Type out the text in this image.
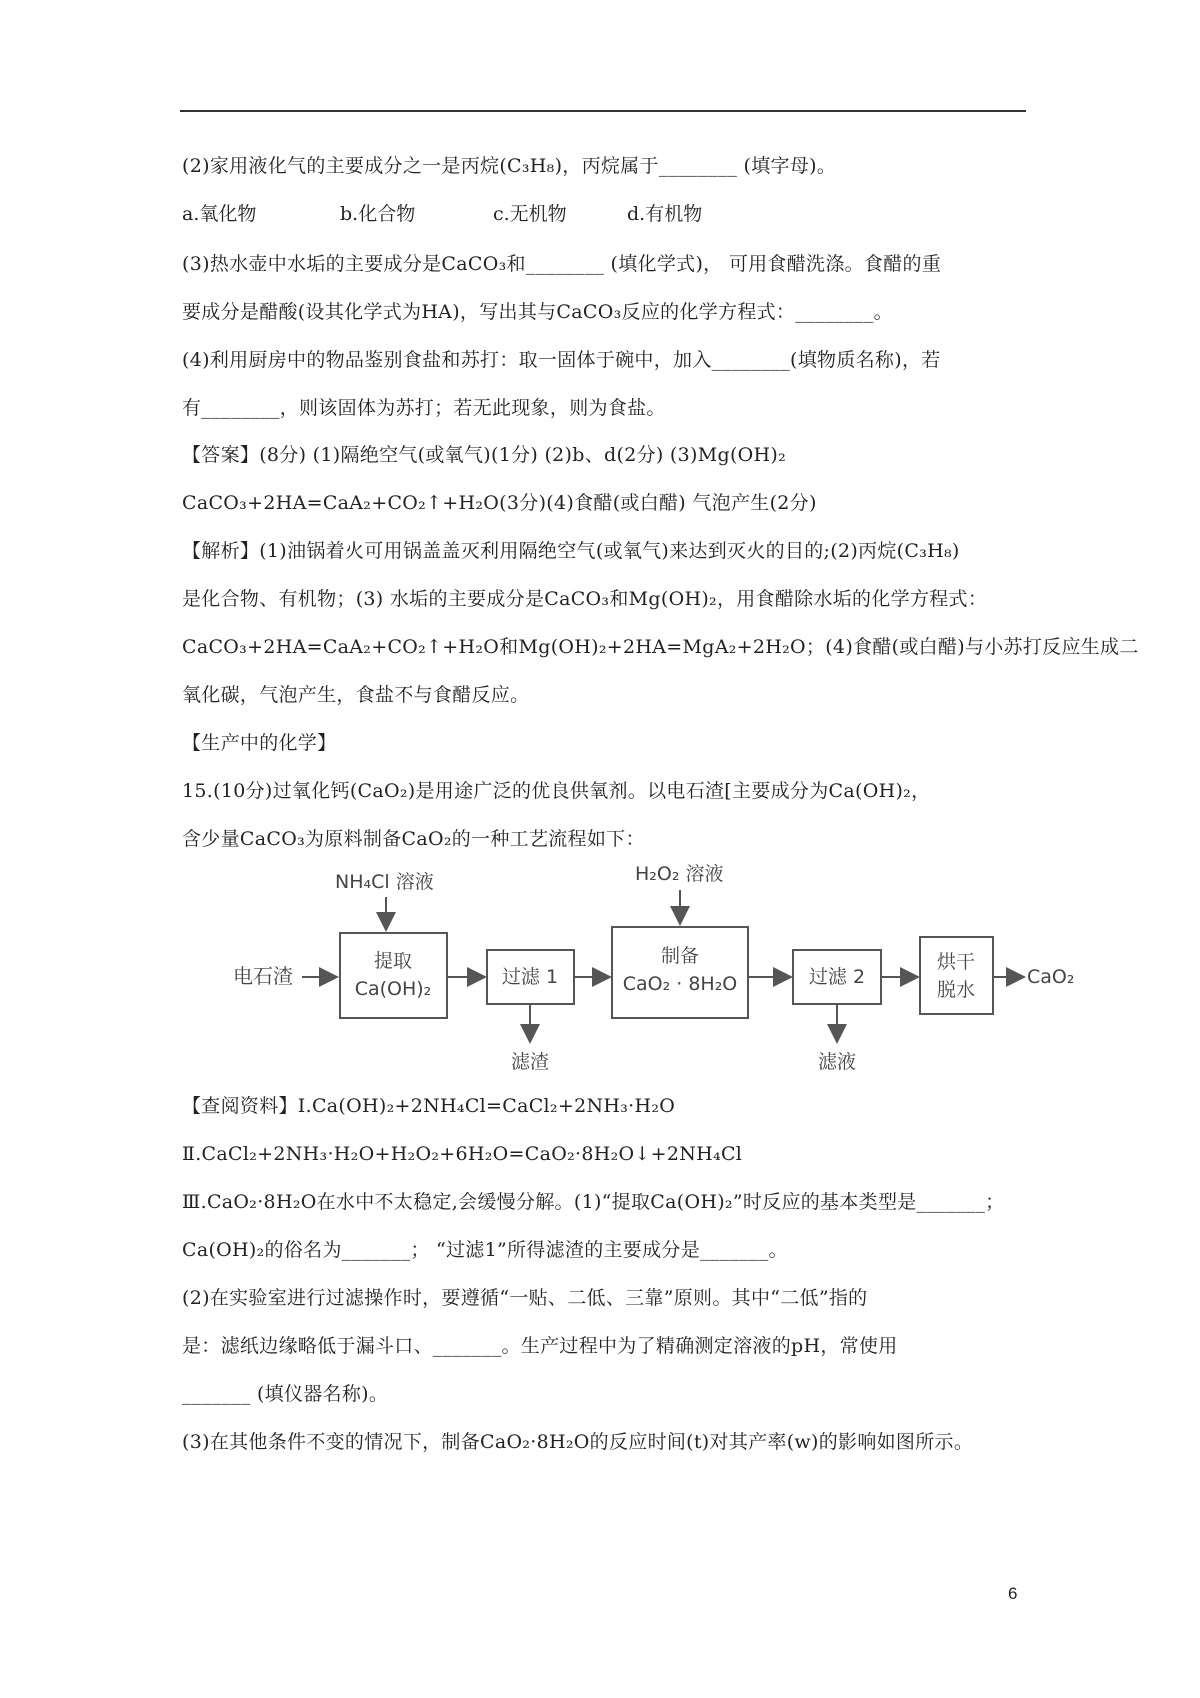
(2)家用液化气的主要成分之一是丙烷(C₃H₈)，丙烷属于________ (填字母)。
a.氧化物	b.化合物	c.无机物	d.有机物
(3)热水壶中水垢的主要成分是CaCO₃和________ (填化学式)， 可用食醋洗涤。食醋的重
要成分是醋酸(设其化学式为HA)，写出其与CaCO₃反应的化学方程式：________。
(4)利用厨房中的物品鉴别食盐和苏打：取一固体于碗中，加入________(填物质名称)，若
有________，则该固体为苏打；若无此现象，则为食盐。
【答案】(8分) (1)隔绝空气(或氧气)(1分) (2)b、d(2分) (3)Mg(OH)₂
CaCO₃+2HA=CaA₂+CO₂↑+H₂O(3分)(4)食醋(或白醋) 气泡产生(2分)
【解析】(1)油锅着火可用锅盖盖灭利用隔绝空气(或氧气)来达到灭火的目的;(2)丙烷(C₃H₈)
是化合物、有机物；(3) 水垢的主要成分是CaCO₃和Mg(OH)₂，用食醋除水垢的化学方程式：
CaCO₃+2HA=CaA₂+CO₂↑+H₂O和Mg(OH)₂+2HA=MgA₂+2H₂O；(4)食醋(或白醋)与小苏打反应生成二
氧化碳，气泡产生，食盐不与食醋反应。
【生产中的化学】
15.(10分)过氧化钙(CaO₂)是用途广泛的优良供氧剂。以电石渣[主要成分为Ca(OH)₂，
含少量CaCO₃为原料制备CaO₂的一种工艺流程如下：
电石渣
NH₄Cl 溶液
提取
Ca(OH)₂
过滤 1
滤渣
H₂O₂ 溶液
制备
CaO₂ · 8H₂O	过滤 2
滤液
烘干
脱水
CaO₂
【查阅资料】I.Ca(OH)₂+2NH₄Cl=CaCl₂+2NH₃·H₂O
Ⅱ.CaCl₂+2NH₃·H₂O+H₂O₂+6H₂O=CaO₂·8H₂O↓+2NH₄Cl
Ⅲ.CaO₂·8H₂O在水中不太稳定,会缓慢分解。(1)“提取Ca(OH)₂”时反应的基本类型是_______；
Ca(OH)₂的俗名为_______； “过滤1”所得滤渣的主要成分是_______。
(2)在实验室进行过滤操作时，要遵循“一贴、二低、三靠”原则。其中“二低”指的
是：滤纸边缘略低于漏斗口、_______。生产过程中为了精确测定溶液的pH，常使用
_______ (填仪器名称)。
(3)在其他条件不变的情况下，制备CaO₂·8H₂O的反应时间(t)对其产率(w)的影响如图所示。
6
